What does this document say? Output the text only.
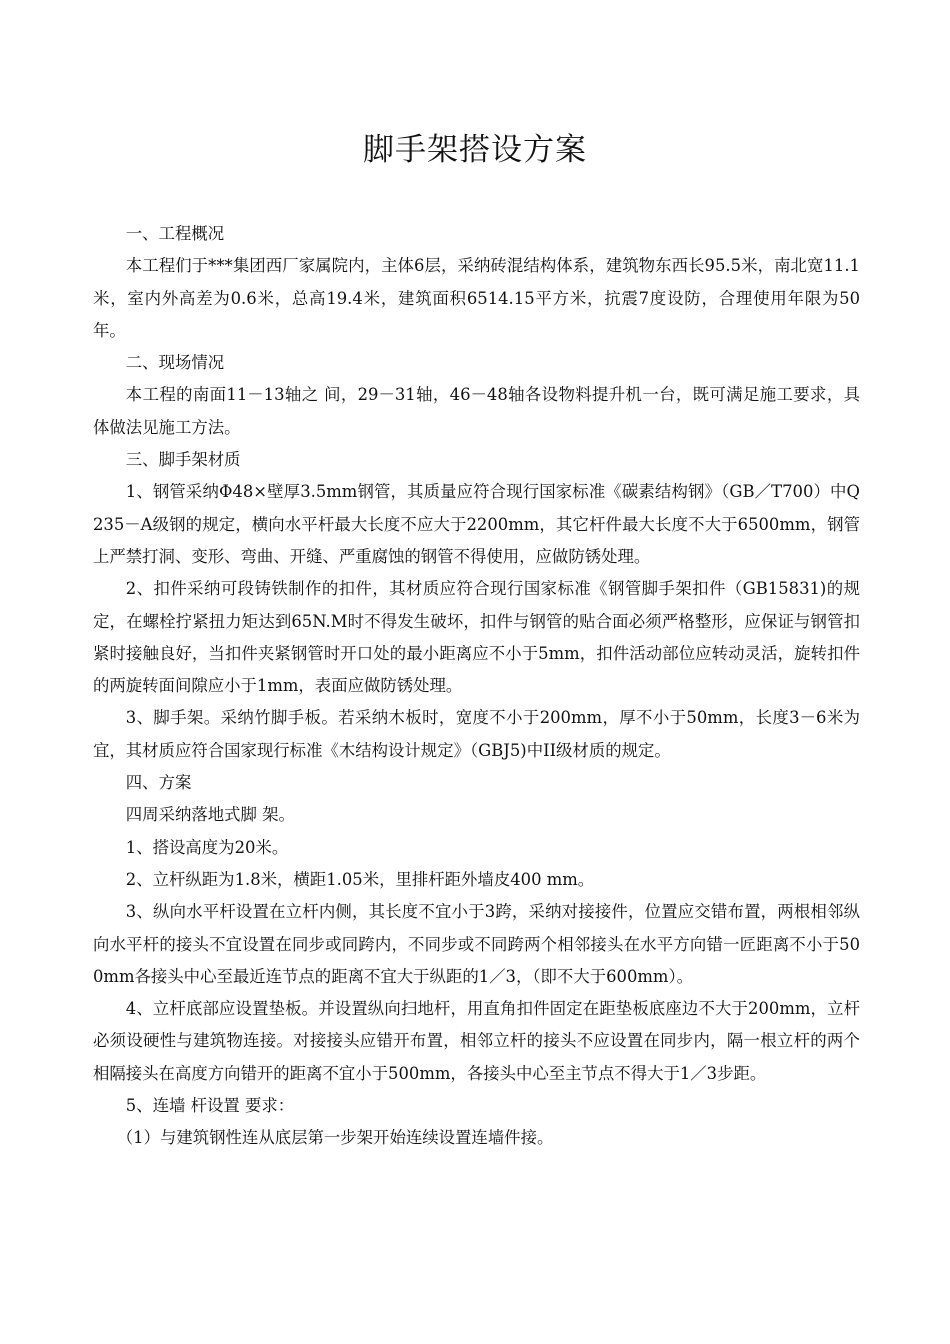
脚手架搭设方案

一、工程概况

本工程们于***集团西厂家属院内，主体6层，采纳砖混结构体系，建筑物东西长95.5米，南北宽11.1米，室内外高差为0.6米，总高19.4米，建筑面积6514.15平方米，抗震7度设防，合理使用年限为50年。

二、现场情况

本工程的南面11－13轴之 间，29－31轴，46－48轴各设物料提升机一台，既可满足施工要求，具体做法见施工方法。

三、脚手架材质

1、钢管采纳Φ48×壁厚3.5mm钢管，其质量应符合现行国家标准《碳素结构钢》（GB／T700）中Q235－A级钢的规定，横向水平杆最大长度不应大于2200mm，其它杆件最大长度不大于6500mm，钢管上严禁打洞、变形、弯曲、开缝、严重腐蚀的钢管不得使用，应做防锈处理。

2、扣件采纳可段铸铁制作的扣件，其材质应符合现行国家标准《钢管脚手架扣件（GB15831)的规定，在螺栓拧紧扭力矩达到65N.M时不得发生破坏，扣件与钢管的贴合面必须严格整形，应保证与钢管扣紧时接触良好，当扣件夹紧钢管时开口处的最小距离应不小于5mm，扣件活动部位应转动灵活，旋转扣件的两旋转面间隙应小于1mm，表面应做防锈处理。

3、脚手架。采纳竹脚手板。若采纳木板时，宽度不小于200mm，厚不小于50mm，长度3－6米为宜，其材质应符合国家现行标准《木结构设计规定》（GBJ5)中II级材质的规定。

四、方案

四周采纳落地式脚 架。

1、搭设高度为20米。

2、立杆纵距为1.8米，横距1.05米，里排杆距外墙皮400 mm。

3、纵向水平杆设置在立杆内侧，其长度不宜小于3跨，采纳对接接件，位置应交错布置，两根相邻纵向水平杆的接头不宜设置在同步或同跨内，不同步或不同跨两个相邻接头在水平方向错一匠距离不小于500mm各接头中心至最近连节点的距离不宜大于纵距的1／3，（即不大于600mm）。

4、立杆底部应设置垫板。并设置纵向扫地杆，用直角扣件固定在距垫板底座边不大于200mm，立杆必须设硬性与建筑物连接。对接接头应错开布置，相邻立杆的接头不应设置在同步内，隔一根立杆的两个相隔接头在高度方向错开的距离不宜小于500mm，各接头中心至主节点不得大于1／3步距。

5、连墙 杆设置 要求：

（1）与建筑钢性连从底层第一步架开始连续设置连墙件接。
